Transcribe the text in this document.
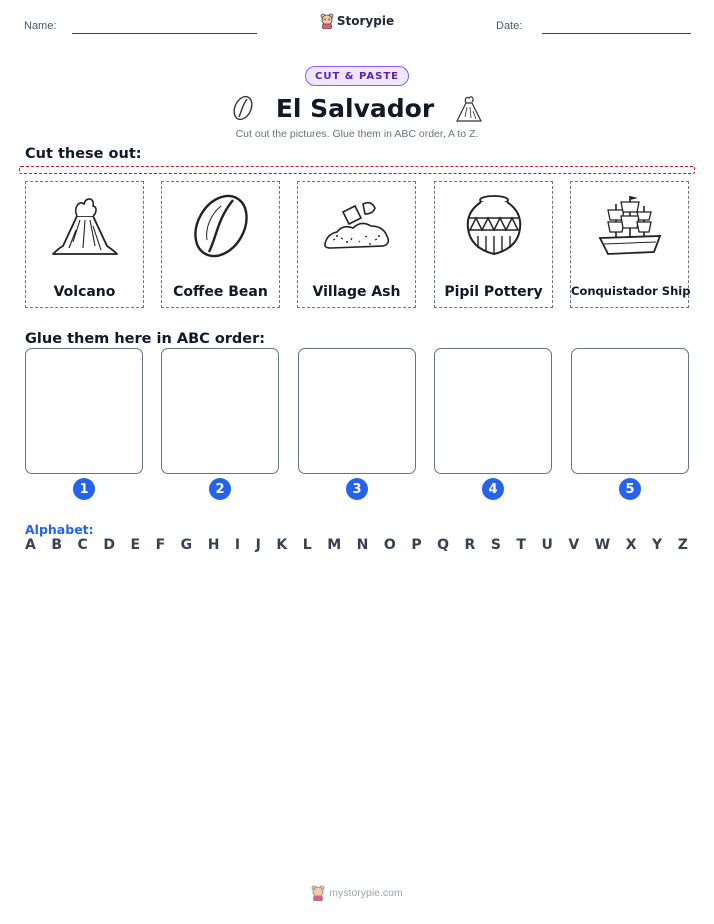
Name:	Storypie	Date:
CUT & PASTE
El Salvador
Cut out the pictures. Glue them in ABC order, A to Z.
Cut these out:
Volcano	Coffee Bean	Village Ash	Pipil Pottery	Conquistador Ship
Glue them here in ABC order:
1	2	3	4	5
Alphabet:
A B C D E F G H I J K L M N O P Q R S T U V W X Y Z
mystorypie.com
